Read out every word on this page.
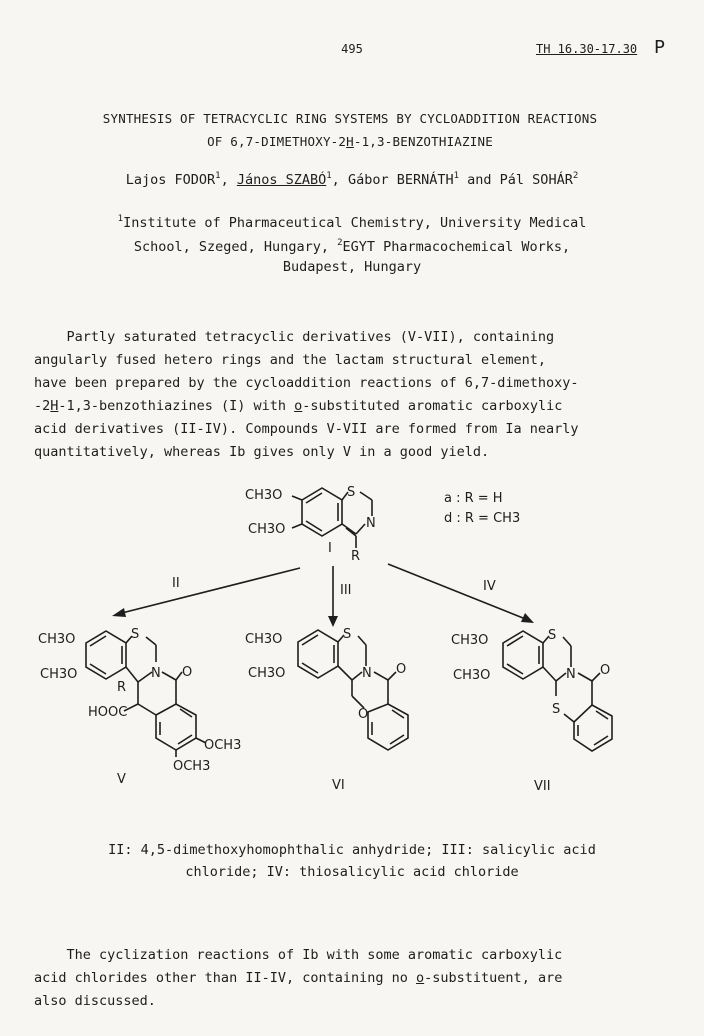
495	TH 16.30-17.30 P
SYNTHESIS OF TETRACYCLIC RING SYSTEMS BY CYCLOADDITION REACTIONS
OF 6,7-DIMETHOXY-2H-1,3-BENZOTHIAZINE
Lajos FODOR$^1$, János SZABÓ$^1$, Gábor BERNÁTH$^1$ and Pál SOHÁR$^2$
$^1$Institute of Pharmaceutical Chemistry, University Medical
School, Szeged, Hungary, $^2$EGYT Pharmacochemical Works,
Budapest, Hungary

Partly saturated tetracyclic derivatives (V-VII), containing
angularly fused hetero rings and the lactam structural element,
have been prepared by the cycloaddition reactions of 6,7-dimethoxy-
-2H-1,3-benzothiazines (I) with o-substituted aromatic carboxylic
acid derivatives (II-IV). Compounds V-VII are formed from Ia nearly
quantitatively, whereas Ib gives only V in a good yield.

CH3O
CH3O
S
N
R
I
a : R = H
d : R = CH3
II	III	IV
CH3O
CH3O
S
N O
R
HOOC
OCH3
OCH3
V
CH3O
CH3O
S
N O
O
VI
CH3O
CH3O
S
N O
S
VII
II: 4,5-dimethoxyhomophthalic anhydride; III: salicylic acid
chloride; IV: thiosalicylic acid chloride

The cyclization reactions of Ib with some aromatic carboxylic
acid chlorides other than II-IV, containing no o-substituent, are
also discussed.
